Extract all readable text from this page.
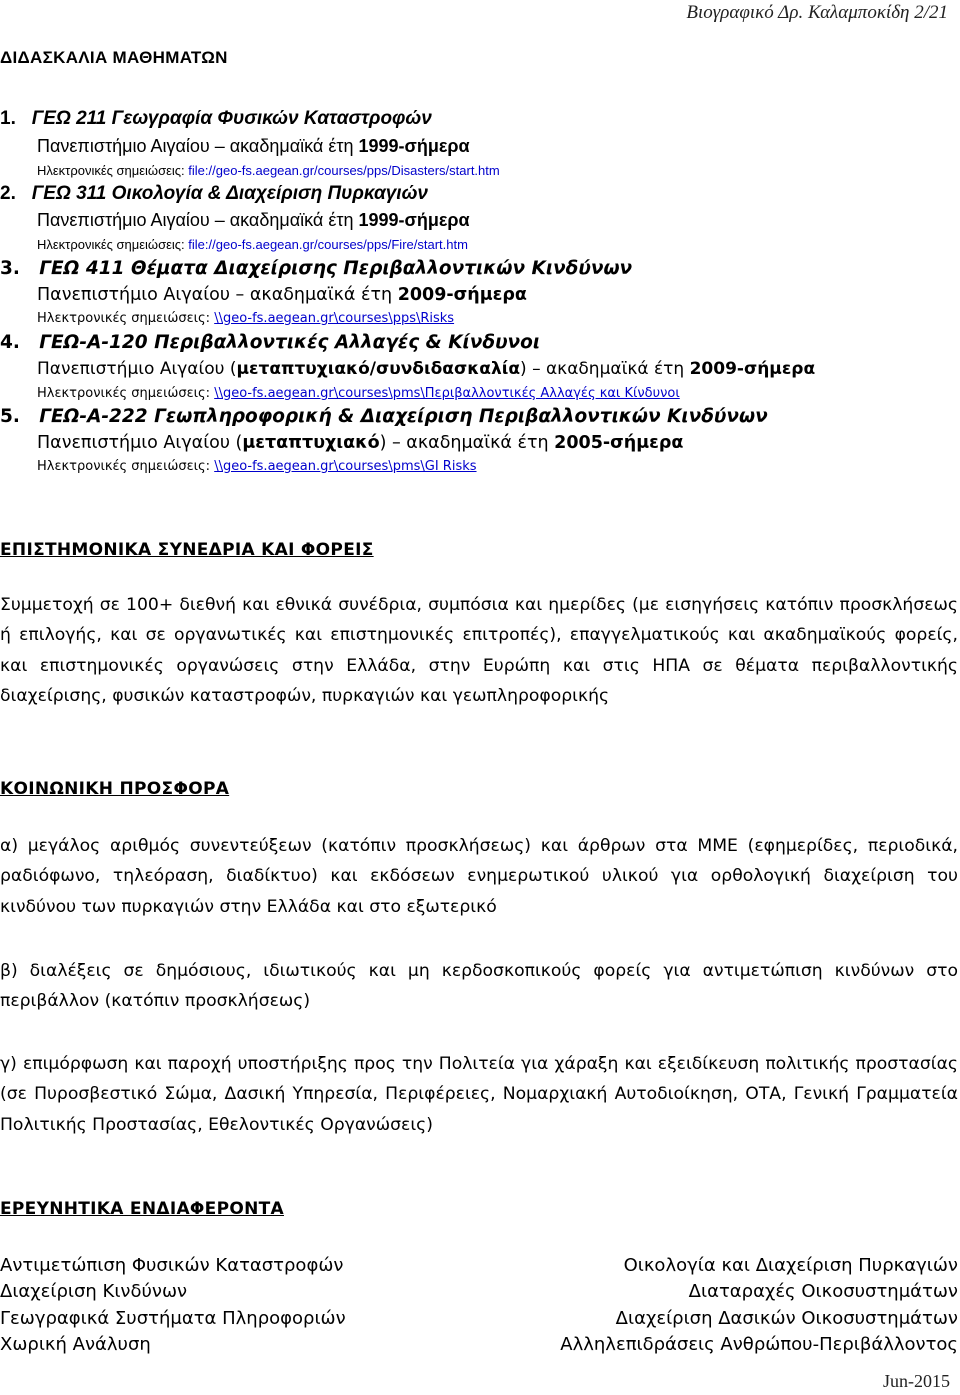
Βιογραφικό Δρ. Καλαμποκίδη 2/21
ΔΙΔΑΣΚΑΛΙΑ ΜΑΘΗΜΑΤΩΝ
1. ΓΕΩ 211 Γεωγραφία Φυσικών Καταστροφών
Πανεπιστήμιο Αιγαίου – ακαδημαϊκά έτη 1999-σήμερα
Ηλεκτρονικές σημειώσεις: file://geo-fs.aegean.gr/courses/pps/Disasters/start.htm
2. ΓΕΩ 311 Οικολογία & Διαχείριση Πυρκαγιών
Πανεπιστήμιο Αιγαίου – ακαδημαϊκά έτη 1999-σήμερα
Ηλεκτρονικές σημειώσεις: file://geo-fs.aegean.gr/courses/pps/Fire/start.htm
3. ΓΕΩ 411 Θέματα Διαχείρισης Περιβαλλοντικών Κινδύνων
Πανεπιστήμιο Αιγαίου – ακαδημαϊκά έτη 2009-σήμερα
Ηλεκτρονικές σημειώσεις: \\geo-fs.aegean.gr\courses\pps\Risks
4. ΓΕΩ-Α-120 Περιβαλλοντικές Αλλαγές & Κίνδυνοι
Πανεπιστήμιο Αιγαίου (μεταπτυχιακό/συνδιδασκαλία) – ακαδημαϊκά έτη 2009-σήμερα
Ηλεκτρονικές σημειώσεις: \\geo-fs.aegean.gr\courses\pms\Περιβαλλοντικές Αλλαγές και Κίνδυνοι
5. ΓΕΩ-Α-222 Γεωπληροφορική & Διαχείριση Περιβαλλοντικών Κινδύνων
Πανεπιστήμιο Αιγαίου (μεταπτυχιακό) – ακαδημαϊκά έτη 2005-σήμερα
Ηλεκτρονικές σημειώσεις: \\geo-fs.aegean.gr\courses\pms\GI Risks
ΕΠΙΣΤΗΜΟΝΙΚΑ ΣΥΝΕΔΡΙΑ ΚΑΙ ΦΟΡΕΙΣ
Συμμετοχή σε 100+ διεθνή και εθνικά συνέδρια, συμπόσια και ημερίδες (με εισηγήσεις κατόπιν προσκλήσεως ή επιλογής, και σε οργανωτικές και επιστημονικές επιτροπές), επαγγελματικούς και ακαδημαϊκούς φορείς, και επιστημονικές οργανώσεις στην Ελλάδα, στην Ευρώπη και στις ΗΠΑ σε θέματα περιβαλλοντικής διαχείρισης, φυσικών καταστροφών, πυρκαγιών και γεωπληροφορικής
ΚΟΙΝΩΝΙΚΗ ΠΡΟΣΦΟΡΑ
α) μεγάλος αριθμός συνεντεύξεων (κατόπιν προσκλήσεως) και άρθρων στα ΜΜΕ (εφημερίδες, περιοδικά, ραδιόφωνο, τηλεόραση, διαδίκτυο) και εκδόσεων ενημερωτικού υλικού για ορθολογική διαχείριση του κινδύνου των πυρκαγιών στην Ελλάδα και στο εξωτερικό
β) διαλέξεις σε δημόσιους, ιδιωτικούς και μη κερδοσκοπικούς φορείς για αντιμετώπιση κινδύνων στο περιβάλλον (κατόπιν προσκλήσεως)
γ) επιμόρφωση και παροχή υποστήριξης προς την Πολιτεία για χάραξη και εξειδίκευση πολιτικής προστασίας (σε Πυροσβεστικό Σώμα, Δασική Υπηρεσία, Περιφέρειες, Νομαρχιακή Αυτοδιοίκηση, ΟΤΑ, Γενική Γραμματεία Πολιτικής Προστασίας, Εθελοντικές Οργανώσεις)
ΕΡΕΥΝΗΤΙΚΑ ΕΝΔΙΑΦΕΡΟΝΤΑ
Αντιμετώπιση Φυσικών Καταστροφών
Διαχείριση Κινδύνων
Γεωγραφικά Συστήματα Πληροφοριών
Χωρική Ανάλυση
Οικολογία και Διαχείριση Πυρκαγιών
Διαταραχές Οικοσυστημάτων
Διαχείριση Δασικών Οικοσυστημάτων
Αλληλεπιδράσεις Ανθρώπου-Περιβάλλοντος
Jun-2015
